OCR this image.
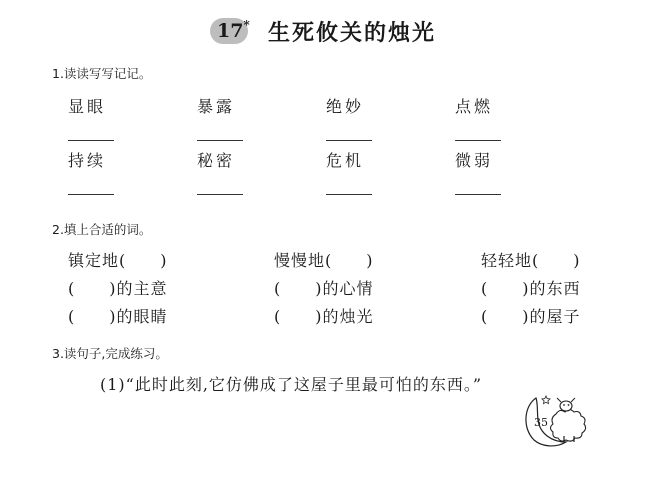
17* 生死攸关的烛光
1.读读写写记记。
显眼	暴露	绝妙	点燃
持续	秘密	危机	微弱
2.填上合适的词。
镇定地(　　)	慢慢地(　　)	轻轻地(　　)
(　　)的主意	(　　)的心情	(　　)的东西
(　　)的眼睛	(　　)的烛光	(　　)的屋子
3.读句子,完成练习。
(1)“此时此刻,它仿佛成了这屋子里最可怕的东西。”
35
